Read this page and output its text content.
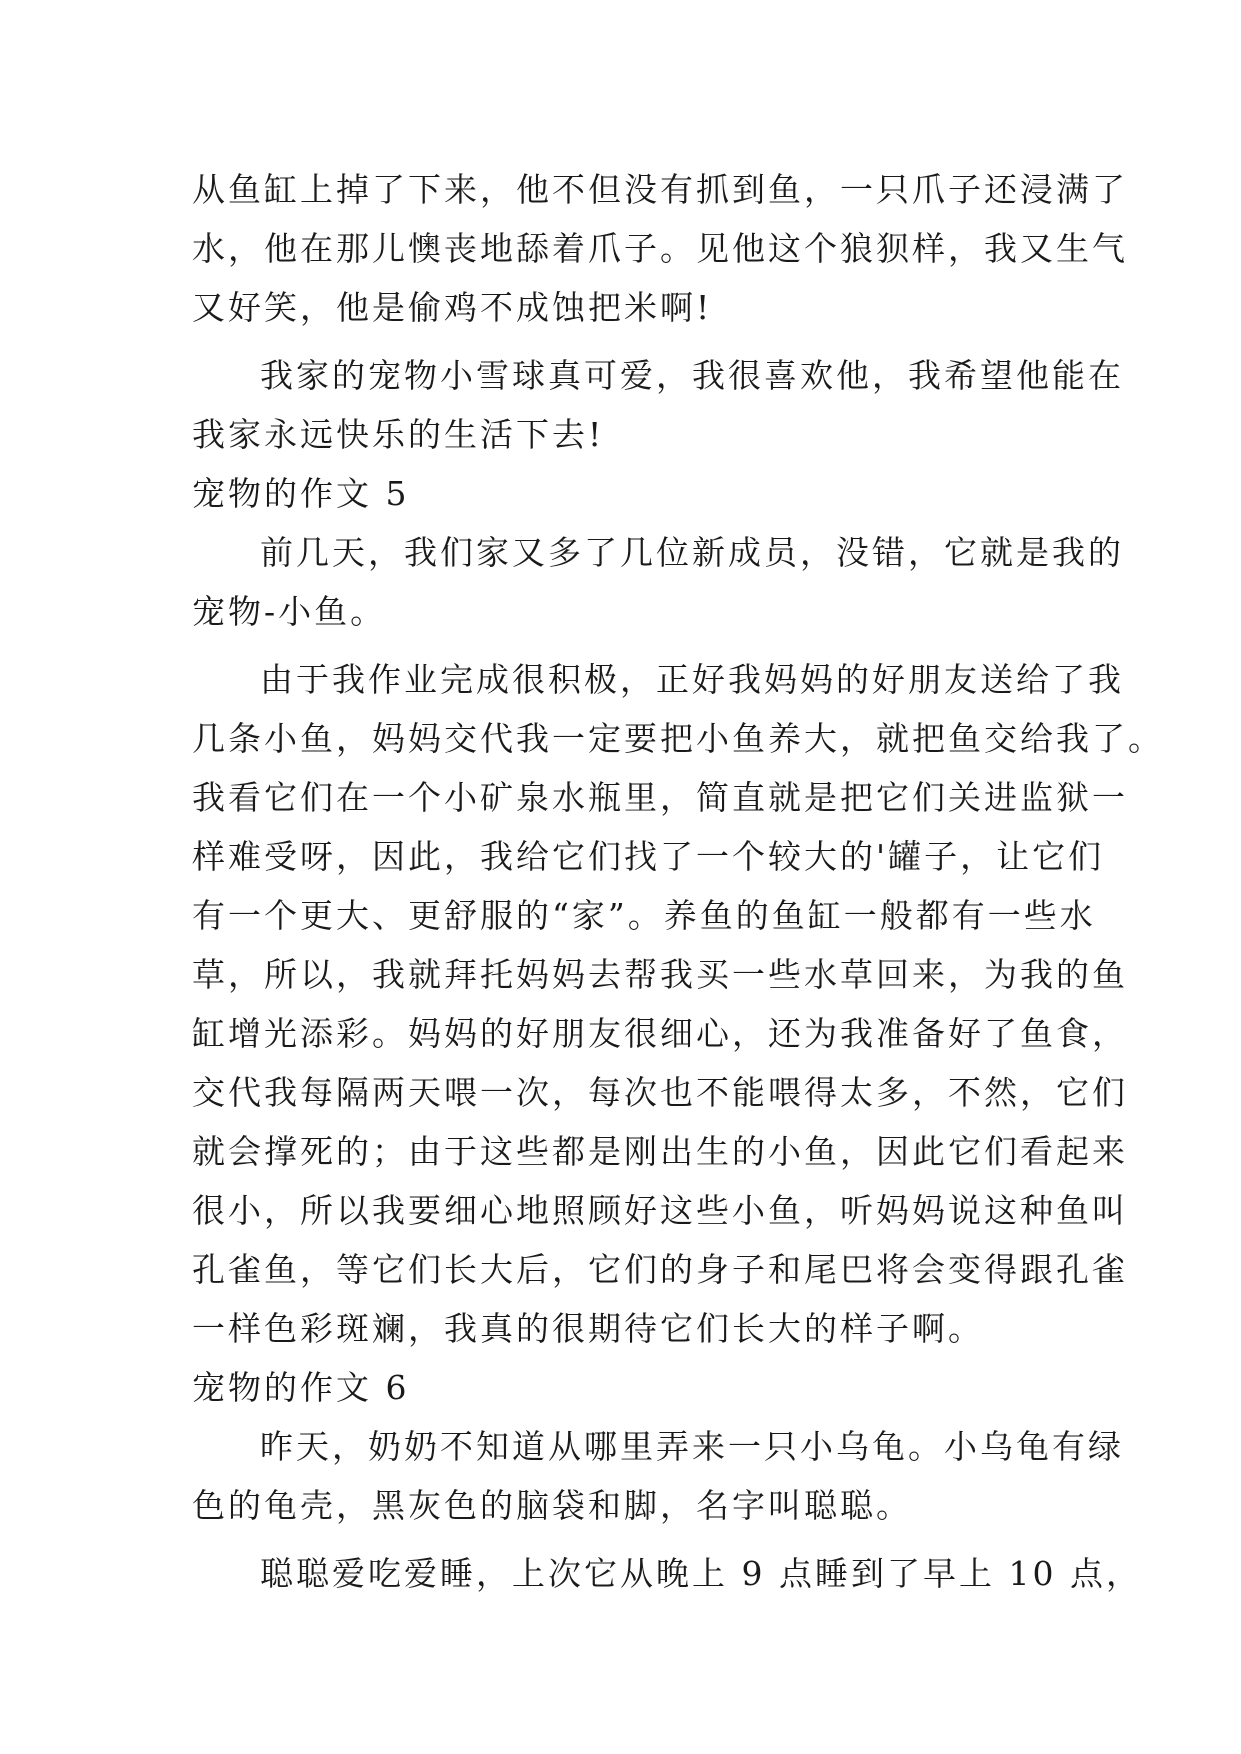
从鱼缸上掉了下来，他不但没有抓到鱼，一只爪子还浸满了
水，他在那儿懊丧地舔着爪子。见他这个狼狈样，我又生气
又好笑，他是偷鸡不成蚀把米啊!
我家的宠物小雪球真可爱，我很喜欢他，我希望他能在
我家永远快乐的生活下去!
宠物的作文 5
前几天，我们家又多了几位新成员，没错，它就是我的
宠物-小鱼。
由于我作业完成很积极，正好我妈妈的好朋友送给了我
几条小鱼，妈妈交代我一定要把小鱼养大，就把鱼交给我了。
我看它们在一个小矿泉水瓶里，简直就是把它们关进监狱一
样难受呀，因此，我给它们找了一个较大的'罐子，让它们
有一个更大、更舒服的“家”。养鱼的鱼缸一般都有一些水
草，所以，我就拜托妈妈去帮我买一些水草回来，为我的鱼
缸增光添彩。妈妈的好朋友很细心，还为我准备好了鱼食，
交代我每隔两天喂一次，每次也不能喂得太多，不然，它们
就会撑死的；由于这些都是刚出生的小鱼，因此它们看起来
很小，所以我要细心地照顾好这些小鱼，听妈妈说这种鱼叫
孔雀鱼，等它们长大后，它们的身子和尾巴将会变得跟孔雀
一样色彩斑斓，我真的很期待它们长大的样子啊。
宠物的作文 6
昨天，奶奶不知道从哪里弄来一只小乌龟。小乌龟有绿
色的龟壳，黑灰色的脑袋和脚，名字叫聪聪。
聪聪爱吃爱睡，上次它从晚上 9 点睡到了早上 10 点，
